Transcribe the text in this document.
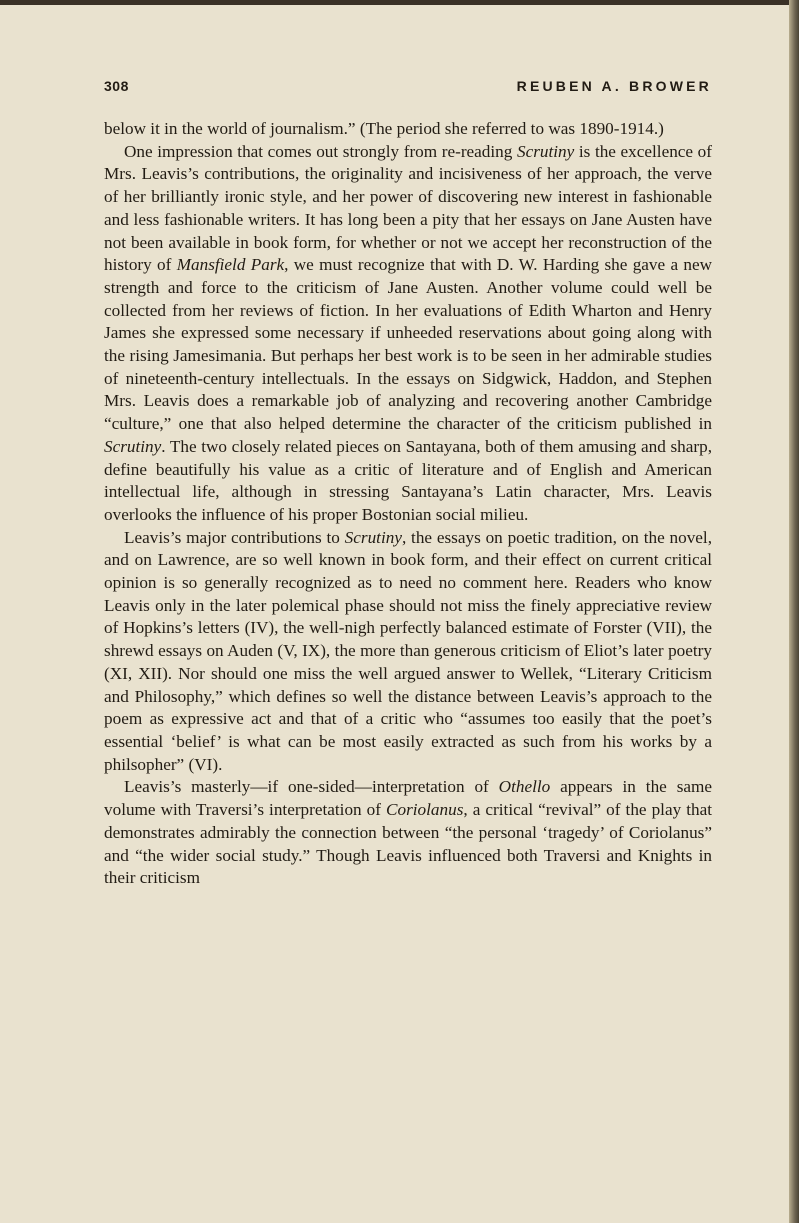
308	REUBEN A. BROWER

below it in the world of journalism.” (The period she referred to was 1890-1914.)

One impression that comes out strongly from re-reading Scrutiny is the excellence of Mrs. Leavis’s contributions, the originality and incisiveness of her approach, the verve of her brilliantly ironic style, and her power of discovering new interest in fashionable and less fashionable writers. It has long been a pity that her essays on Jane Austen have not been available in book form, for whether or not we accept her reconstruction of the history of Mansfield Park, we must recognize that with D. W. Harding she gave a new strength and force to the criticism of Jane Austen. Another volume could well be collected from her reviews of fiction. In her evaluations of Edith Wharton and Henry James she expressed some necessary if unheeded reservations about going along with the rising Jamesimania. But perhaps her best work is to be seen in her admirable studies of nineteenth-century intellectuals. In the essays on Sidgwick, Haddon, and Stephen Mrs. Leavis does a remarkable job of analyzing and recovering another Cambridge “culture,” one that also helped determine the character of the criticism published in Scrutiny. The two closely related pieces on Santayana, both of them amusing and sharp, define beautifully his value as a critic of literature and of English and American intellectual life, although in stressing Santayana’s Latin character, Mrs. Leavis overlooks the influence of his proper Bostonian social milieu.

Leavis’s major contributions to Scrutiny, the essays on poetic tradition, on the novel, and on Lawrence, are so well known in book form, and their effect on current critical opinion is so generally recognized as to need no comment here. Readers who know Leavis only in the later polemical phase should not miss the finely appreciative review of Hopkins’s letters (IV), the well-nigh perfectly balanced estimate of Forster (VII), the shrewd essays on Auden (V, IX), the more than generous criticism of Eliot’s later poetry (XI, XII). Nor should one miss the well argued answer to Wellek, “Literary Criticism and Philosophy,” which defines so well the distance between Leavis’s approach to the poem as expressive act and that of a critic who “assumes too easily that the poet’s essential ‘belief’ is what can be most easily extracted as such from his works by a philsopher” (VI).

Leavis’s masterly—if one-sided—interpretation of Othello appears in the same volume with Traversi’s interpretation of Coriolanus, a critical “revival” of the play that demonstrates admirably the connection between “the personal ‘tragedy’ of Coriolanus” and “the wider social study.” Though Leavis influenced both Traversi and Knights in their criticism
